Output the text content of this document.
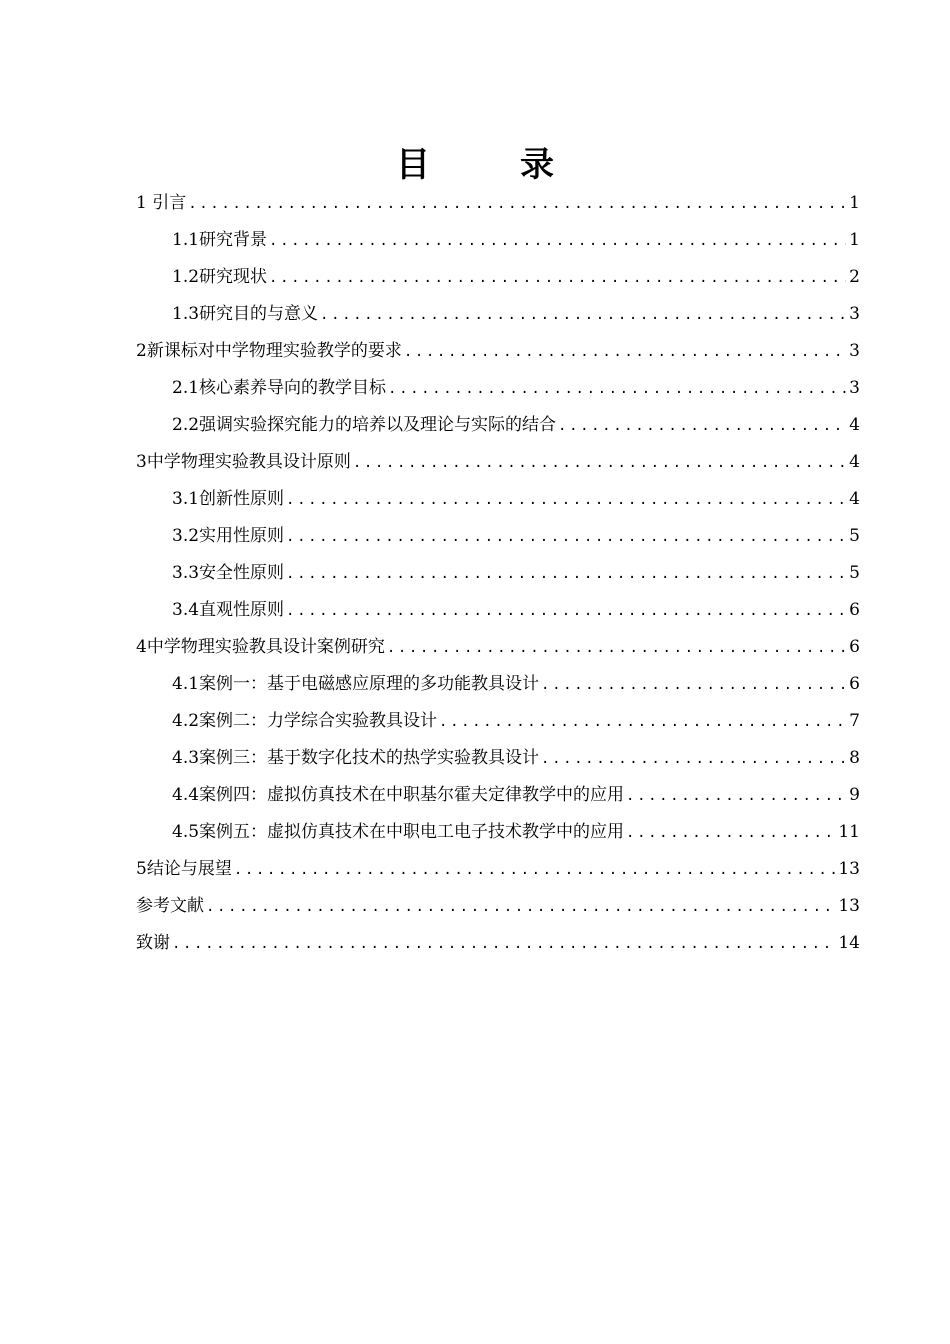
目　录
1 引言 .....	1
1.1研究背景 .....	1
1.2研究现状 .....	2
1.3研究目的与意义 .....	3
2新课标对中学物理实验教学的要求 .....	3
2.1核心素养导向的教学目标 .....	3
2.2强调实验探究能力的培养以及理论与实际的结合 .....	4
3中学物理实验教具设计原则 .....	4
3.1创新性原则 .....	4
3.2实用性原则 .....	5
3.3安全性原则 .....	5
3.4直观性原则 .....	6
4中学物理实验教具设计案例研究 .....	6
4.1案例一：基于电磁感应原理的多功能教具设计 .....	6
4.2案例二：力学综合实验教具设计 .....	7
4.3案例三：基于数字化技术的热学实验教具设计 .....	8
4.4案例四：虚拟仿真技术在中职基尔霍夫定律教学中的应用 .....	9
4.5案例五：虚拟仿真技术在中职电工电子技术教学中的应用 .....	11
5结论与展望 .....	13
参考文献 .....	13
致谢 .....	14
